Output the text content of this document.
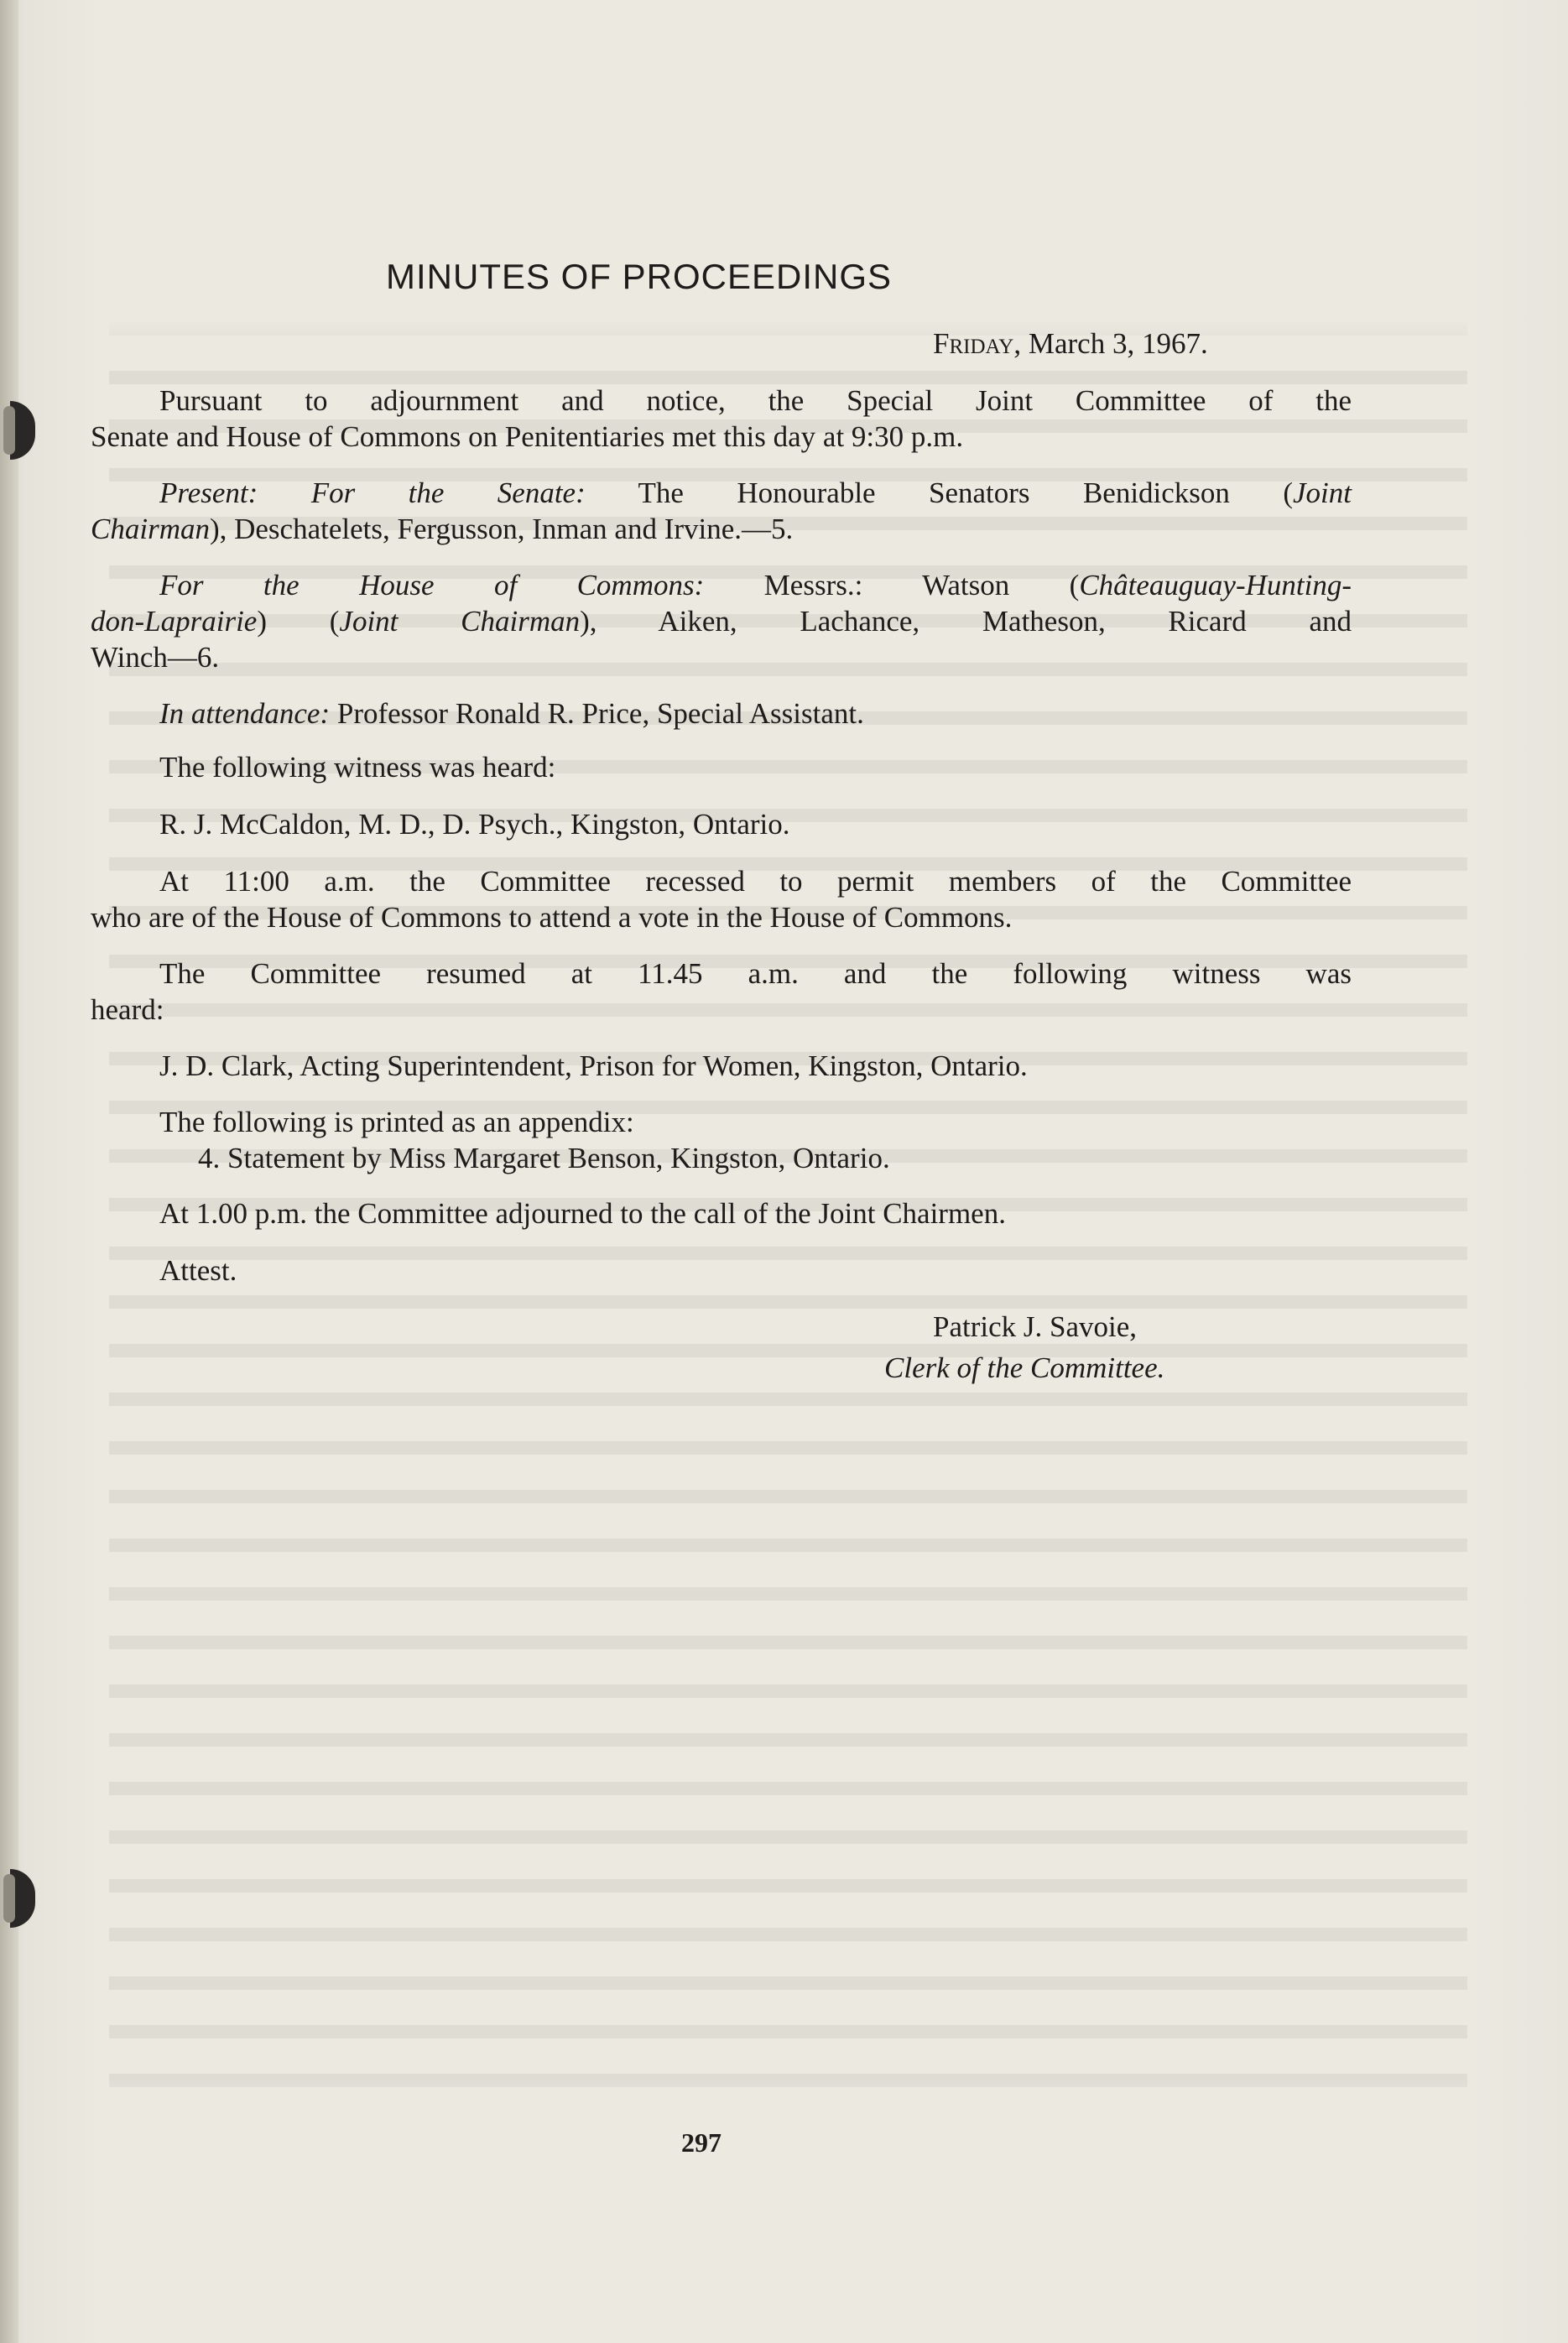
MINUTES OF PROCEEDINGS

Friday, March 3, 1967.

Pursuant to adjournment and notice, the Special Joint Committee of the

Senate and House of Commons on Penitentiaries met this day at 9:30 p.m.

Present: For the Senate: The Honourable Senators Benidickson (Joint

Chairman), Deschatelets, Fergusson, Inman and Irvine.—5.

For the House of Commons: Messrs.: Watson (Châteauguay-Hunting-

don-Laprairie) (Joint Chairman), Aiken, Lachance, Matheson, Ricard and

Winch—6.

In attendance: Professor Ronald R. Price, Special Assistant.

The following witness was heard:

R. J. McCaldon, M. D., D. Psych., Kingston, Ontario.

At 11:00 a.m. the Committee recessed to permit members of the Committee

who are of the House of Commons to attend a vote in the House of Commons.

The Committee resumed at 11.45 a.m. and the following witness was

heard:

J. D. Clark, Acting Superintendent, Prison for Women, Kingston, Ontario.

The following is printed as an appendix:

4. Statement by Miss Margaret Benson, Kingston, Ontario.

At 1.00 p.m. the Committee adjourned to the call of the Joint Chairmen.

Attest.

Patrick J. Savoie,

Clerk of the Committee.

297
